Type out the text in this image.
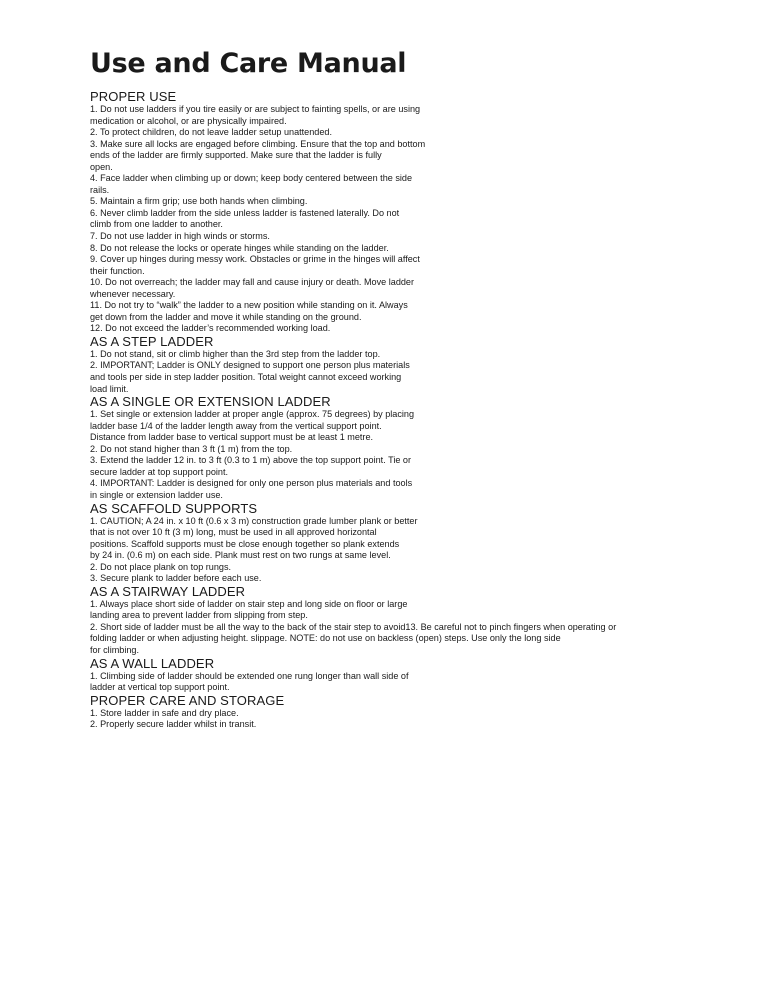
Use and Care Manual
PROPER USE

1. Do not use ladders if you tire easily or are subject to fainting spells, or are using

medication or alcohol, or are physically impaired.

2. To protect children, do not leave ladder setup unattended.

3. Make sure all locks are engaged before climbing. Ensure that the top and bottom

ends of the ladder are firmly supported. Make sure that the ladder is fully

open.

4. Face ladder when climbing up or down; keep body centered between the side

rails.

5. Maintain a firm grip; use both hands when climbing.

6. Never climb ladder from the side unless ladder is fastened laterally. Do not

climb from one ladder to another.

7. Do not use ladder in high winds or storms.

8. Do not release the locks or operate hinges while standing on the ladder.

9. Cover up hinges during messy work. Obstacles or grime in the hinges will affect

their function.

10. Do not overreach; the ladder may fall and cause injury or death. Move ladder

whenever necessary.

11. Do not try to “walk” the ladder to a new position while standing on it. Always

get down from the ladder and move it while standing on the ground.

12. Do not exceed the ladder’s recommended working load.

AS A STEP LADDER

1. Do not stand, sit or climb higher than the 3rd step from the ladder top.

2. IMPORTANT; Ladder is ONLY designed to support one person plus materials

and tools per side in step ladder position. Total weight cannot exceed working

load limit.

AS A SINGLE OR EXTENSION LADDER

1. Set single or extension ladder at proper angle (approx. 75 degrees) by placing

ladder base 1/4 of the ladder length away from the vertical support point.

Distance from ladder base to vertical support must be at least 1 metre.

2. Do not stand higher than 3 ft (1 m) from the top.

3. Extend the ladder 12 in. to 3 ft (0.3 to 1 m) above the top support point. Tie or

secure ladder at top support point.

4. IMPORTANT: Ladder is designed for only one person plus materials and tools

in single or extension ladder use.

AS SCAFFOLD SUPPORTS

1. CAUTION; A 24 in. x 10 ft (0.6 x 3 m) construction grade lumber plank or better

that is not over 10 ft (3 m) long, must be used in all approved horizontal

positions. Scaffold supports must be close enough together so plank extends

by 24 in. (0.6 m) on each side. Plank must rest on two rungs at same level.

2. Do not place plank on top rungs.

3. Secure plank to ladder before each use.

AS A STAIRWAY LADDER

1. Always place short side of ladder on stair step and long side on floor or large

landing area to prevent ladder from slipping from step.

2. Short side of ladder must be all the way to the back of the stair step to avoid13. Be careful not to pinch fingers when operating or

folding ladder or when adjusting height. slippage. NOTE: do not use on backless (open) steps. Use only the long side

for climbing.

AS A WALL LADDER

1. Climbing side of ladder should be extended one rung longer than wall side of

ladder at vertical top support point.

PROPER CARE AND STORAGE

1. Store ladder in safe and dry place.

2. Properly secure ladder whilst in transit.
